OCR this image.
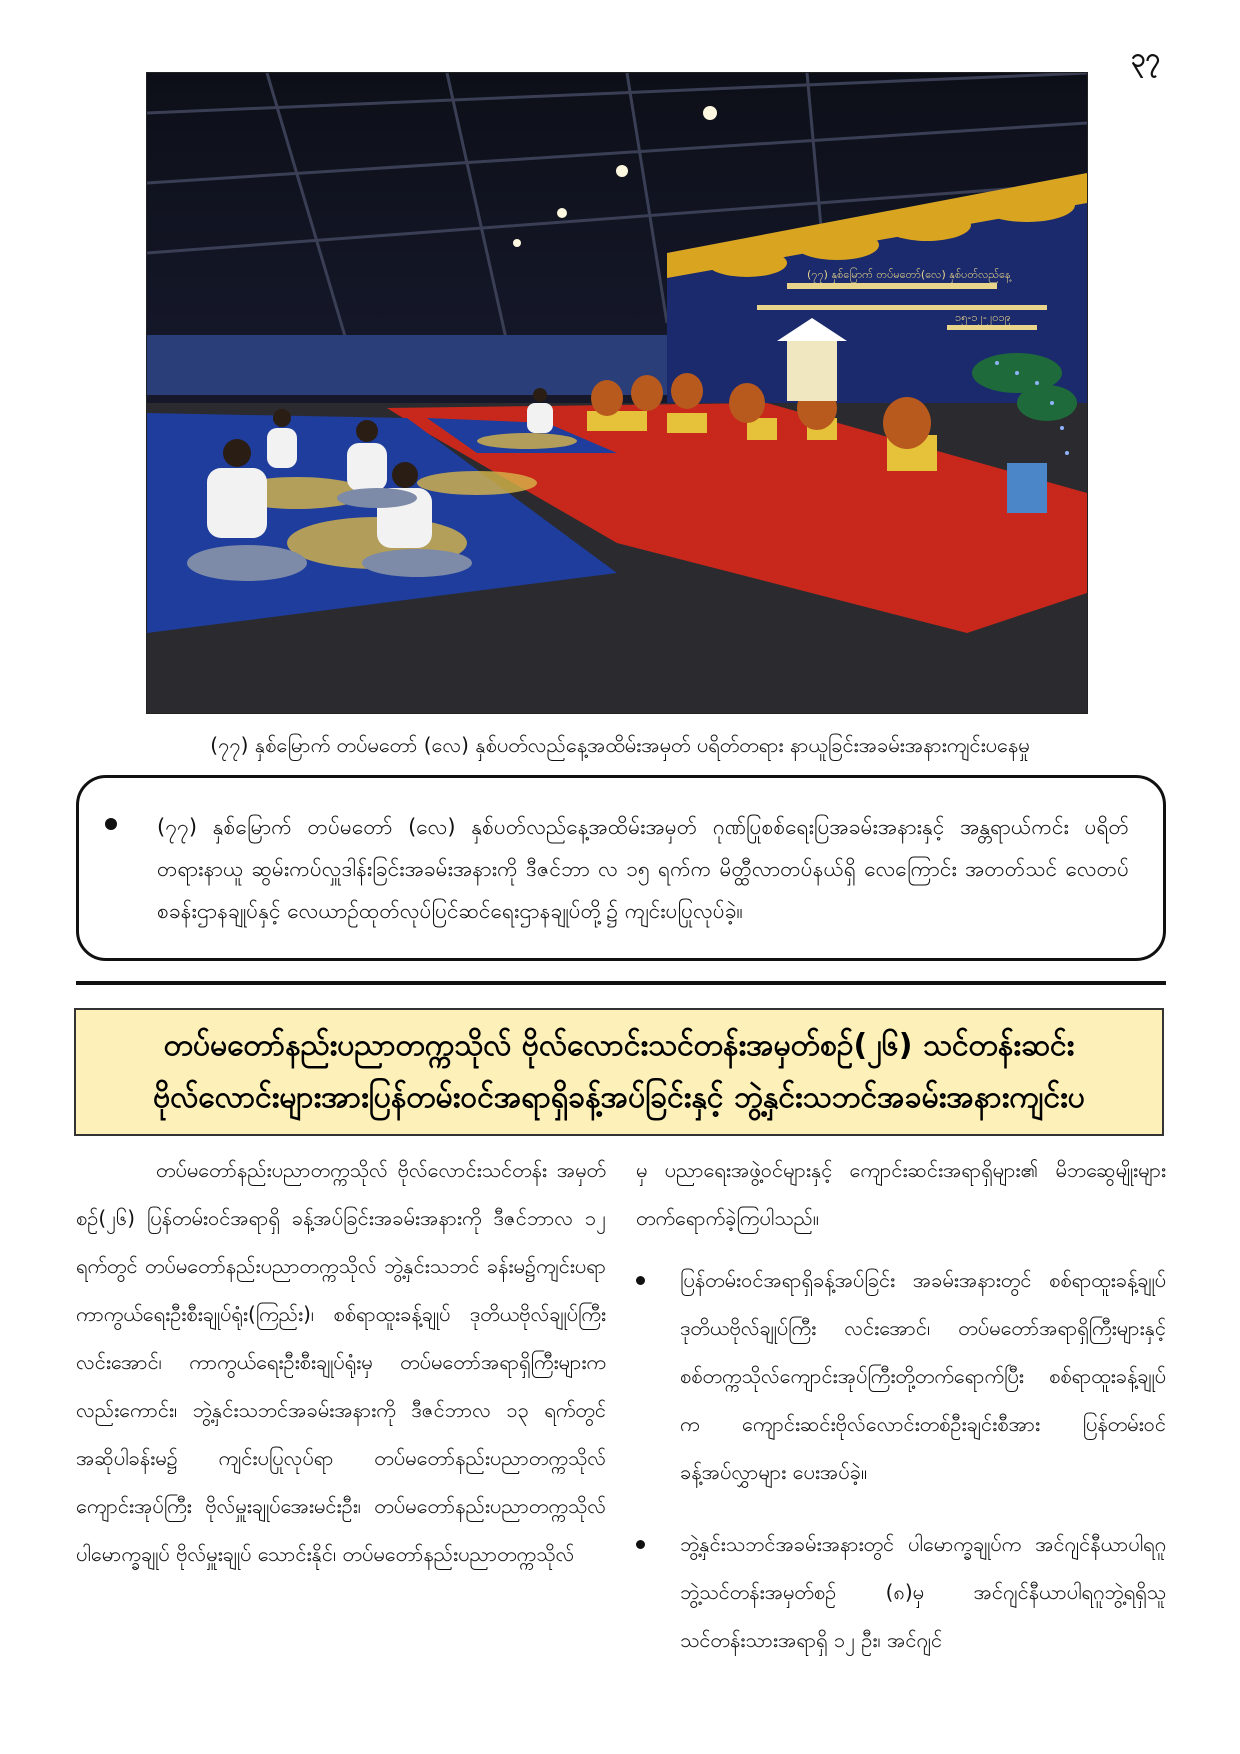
၃၇
(၇၇) နှစ်မြောက် တပ်မတော်(လေ) နှစ်ပတ်လည်နေ့
၁၅-၁၂-၂၀၁၉
(၇၇) နှစ်မြောက် တပ်မတော် (လေ) နှစ်ပတ်လည်နေ့အထိမ်းအမှတ် ပရိတ်တရား နာယူခြင်းအခမ်းအနားကျင်းပနေမှု

(၇၇) နှစ်မြောက် တပ်မတော် (လေ) နှစ်ပတ်လည်နေ့အထိမ်းအမှတ် ဂုဏ်ပြုစစ်ရေးပြအခမ်းအနားနှင့် အန္တရာယ်ကင်း ပရိတ်တရားနာယူ ဆွမ်းကပ်လှူဒါန်းခြင်းအခမ်းအနားကို ဒီဇင်ဘာ လ ၁၅ ရက်က မိတ္ထီလာတပ်နယ်ရှိ လေကြောင်း အတတ်သင် လေတပ်စခန်းဌာနချုပ်နှင့် လေယာဉ်ထုတ်လုပ်ပြင်ဆင်ရေးဌာနချုပ်တို့၌ ကျင်းပပြုလုပ်ခဲ့။

တပ်မတော်နည်းပညာတက္ကသိုလ် ဗိုလ်လောင်းသင်တန်းအမှတ်စဉ်(၂၆) သင်တန်းဆင်း ဗိုလ်လောင်းများအားပြန်တမ်းဝင်အရာရှိခန့်အပ်ခြင်းနှင့် ဘွဲ့နှင်းသဘင်အခမ်းအနားကျင်းပ

တပ်မတော်နည်းပညာတက္ကသိုလ် ဗိုလ်လောင်းသင်တန်း အမှတ်စဉ်(၂၆) ပြန်တမ်းဝင်အရာရှိ ခန့်အပ်ခြင်းအခမ်းအနားကို ဒီဇင်ဘာလ ၁၂ ရက်တွင် တပ်မတော်နည်းပညာတက္ကသိုလ် ဘွဲ့နှင်းသဘင် ခန်းမ၌ကျင်းပရာ ကာကွယ်ရေးဦးစီးချုပ်ရုံး(ကြည်း)၊ စစ်ရာထူးခန့်ချုပ် ဒုတိယဗိုလ်ချုပ်ကြီး လင်းအောင်၊ ကာကွယ်ရေးဦးစီးချုပ်ရုံးမှ တပ်မတော်အရာရှိကြီးများက လည်းကောင်း၊ ဘွဲ့နှင်းသဘင်အခမ်းအနားကို ဒီဇင်ဘာလ ၁၃ ရက်တွင် အဆိုပါခန်းမ၌ ကျင်းပပြုလုပ်ရာ တပ်မတော်နည်းပညာတက္ကသိုလ် ကျောင်းအုပ်ကြီး ဗိုလ်မှူးချုပ်အေးမင်းဦး၊ တပ်မတော်နည်းပညာတက္ကသိုလ်ပါမောက္ခချုပ် ဗိုလ်မှူးချုပ် သောင်းနိုင်၊ တပ်မတော်နည်းပညာတက္ကသိုလ်

မှ ပညာရေးအဖွဲ့ဝင်များနှင့် ကျောင်းဆင်းအရာရှိများ၏ မိဘဆွေမျိုးများ တက်ရောက်ခဲ့ကြပါသည်။

ပြန်တမ်းဝင်အရာရှိခန့်အပ်ခြင်း အခမ်းအနားတွင် စစ်ရာထူးခန့်ချုပ် ဒုတိယဗိုလ်ချုပ်ကြီး လင်းအောင်၊ တပ်မတော်အရာရှိကြီးများနှင့် စစ်တက္ကသိုလ်ကျောင်းအုပ်ကြီးတို့တက်ရောက်ပြီး စစ်ရာထူးခန့်ချုပ်က ကျောင်းဆင်းဗိုလ်လောင်းတစ်ဦးချင်းစီအား ပြန်တမ်းဝင်ခန့်အပ်လွှာများ ပေးအပ်ခဲ့။
ဘွဲ့နှင်းသဘင်အခမ်းအနားတွင် ပါမောက္ခချုပ်က အင်ဂျင်နီယာပါရဂူဘွဲ့သင်တန်းအမှတ်စဉ် (၈)မှ အင်ဂျင်နီယာပါရဂူဘွဲ့ရရှိသူ သင်တန်းသားအရာရှိ ၁၂ ဦး၊ အင်ဂျင်
